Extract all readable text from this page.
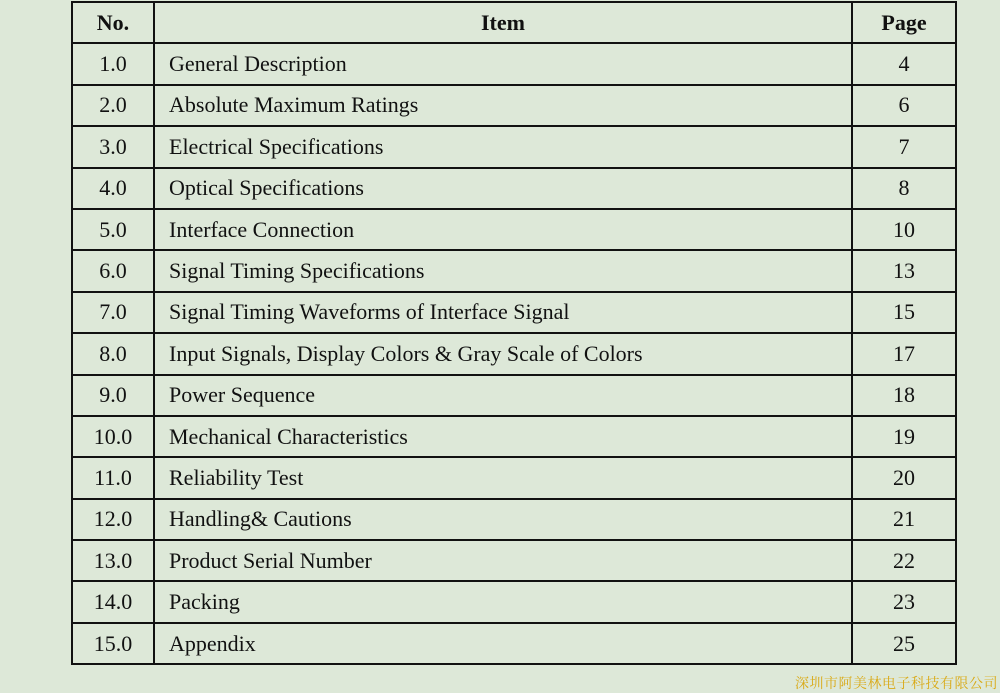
No.	Item	Page
1.0	General Description	4
2.0	Absolute Maximum Ratings	6
3.0	Electrical Specifications	7
4.0	Optical Specifications	8
5.0	Interface Connection	10
6.0	Signal Timing Specifications	13
7.0	Signal Timing Waveforms of Interface Signal	15
8.0	Input Signals, Display Colors & Gray Scale of Colors	17
9.0	Power Sequence	18
10.0	Mechanical Characteristics	19
11.0	Reliability Test	20
12.0	Handling& Cautions	21
13.0	Product Serial Number	22
14.0	Packing	23
15.0	Appendix	25
深圳市阿美林电子科技有限公司
